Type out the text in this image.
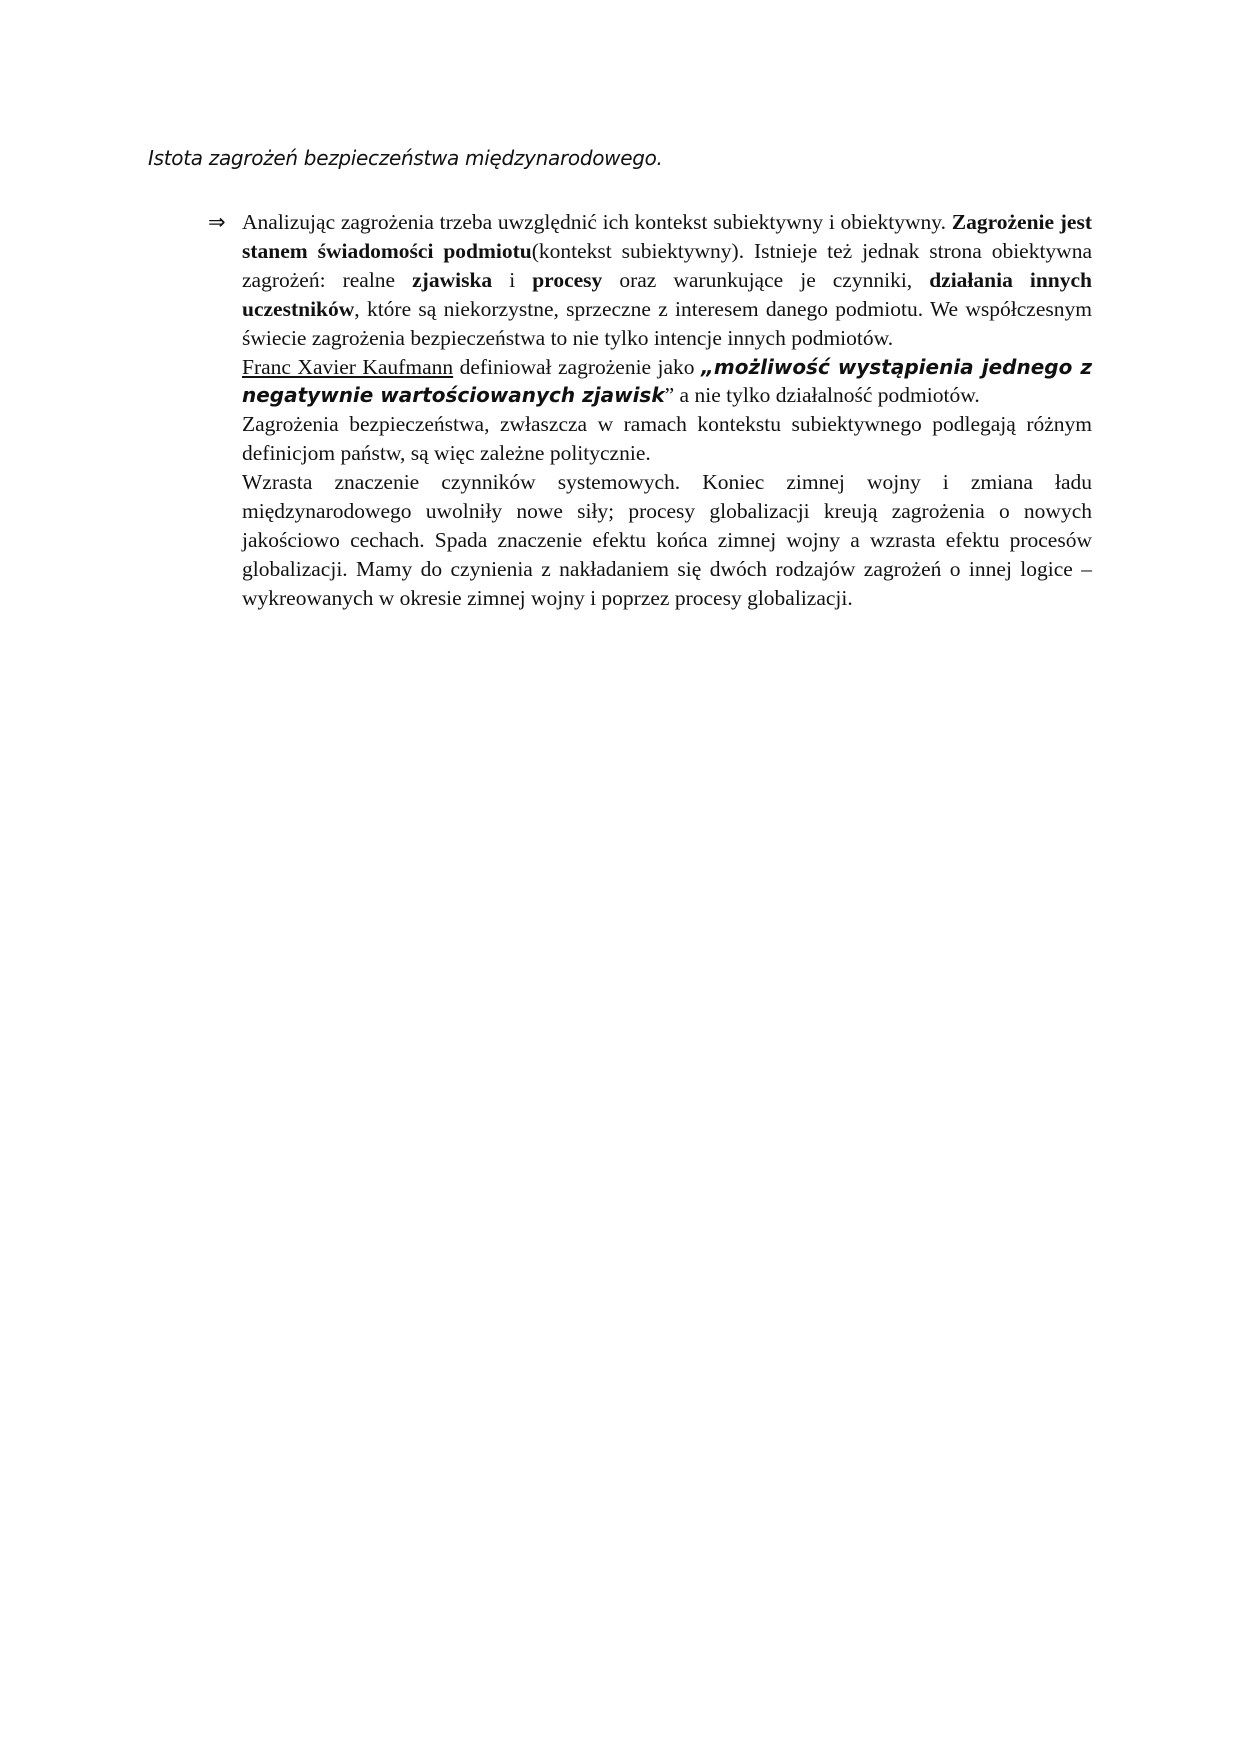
Istota zagrożeń bezpieczeństwa międzynarodowego.
⇒ Analizując zagrożenia trzeba uwzględnić ich kontekst subiektywny i obiektywny. Zagrożenie jest stanem świadomości podmiotu(kontekst subiektywny). Istnieje też jednak strona obiektywna zagrożeń: realne zjawiska i procesy oraz warunkujące je czynniki, działania innych uczestników, które są niekorzystne, sprzeczne z interesem danego podmiotu. We współczesnym świecie zagrożenia bezpieczeństwa to nie tylko intencje innych podmiotów.

Franc Xavier Kaufmann definiował zagrożenie jako „możliwość wystąpienia jednego z negatywnie wartościowanych zjawisk” a nie tylko działalność podmiotów.

Zagrożenia bezpieczeństwa, zwłaszcza w ramach kontekstu subiektywnego podlegają różnym definicjom państw, są więc zależne politycznie.

Wzrasta znaczenie czynników systemowych. Koniec zimnej wojny i zmiana ładu międzynarodowego uwolniły nowe siły; procesy globalizacji kreują zagrożenia o nowych jakościowo cechach. Spada znaczenie efektu końca zimnej wojny a wzrasta efektu procesów globalizacji. Mamy do czynienia z nakładaniem się dwóch rodzajów zagrożeń o innej logice – wykreowanych w okresie zimnej wojny i poprzez procesy globalizacji.
